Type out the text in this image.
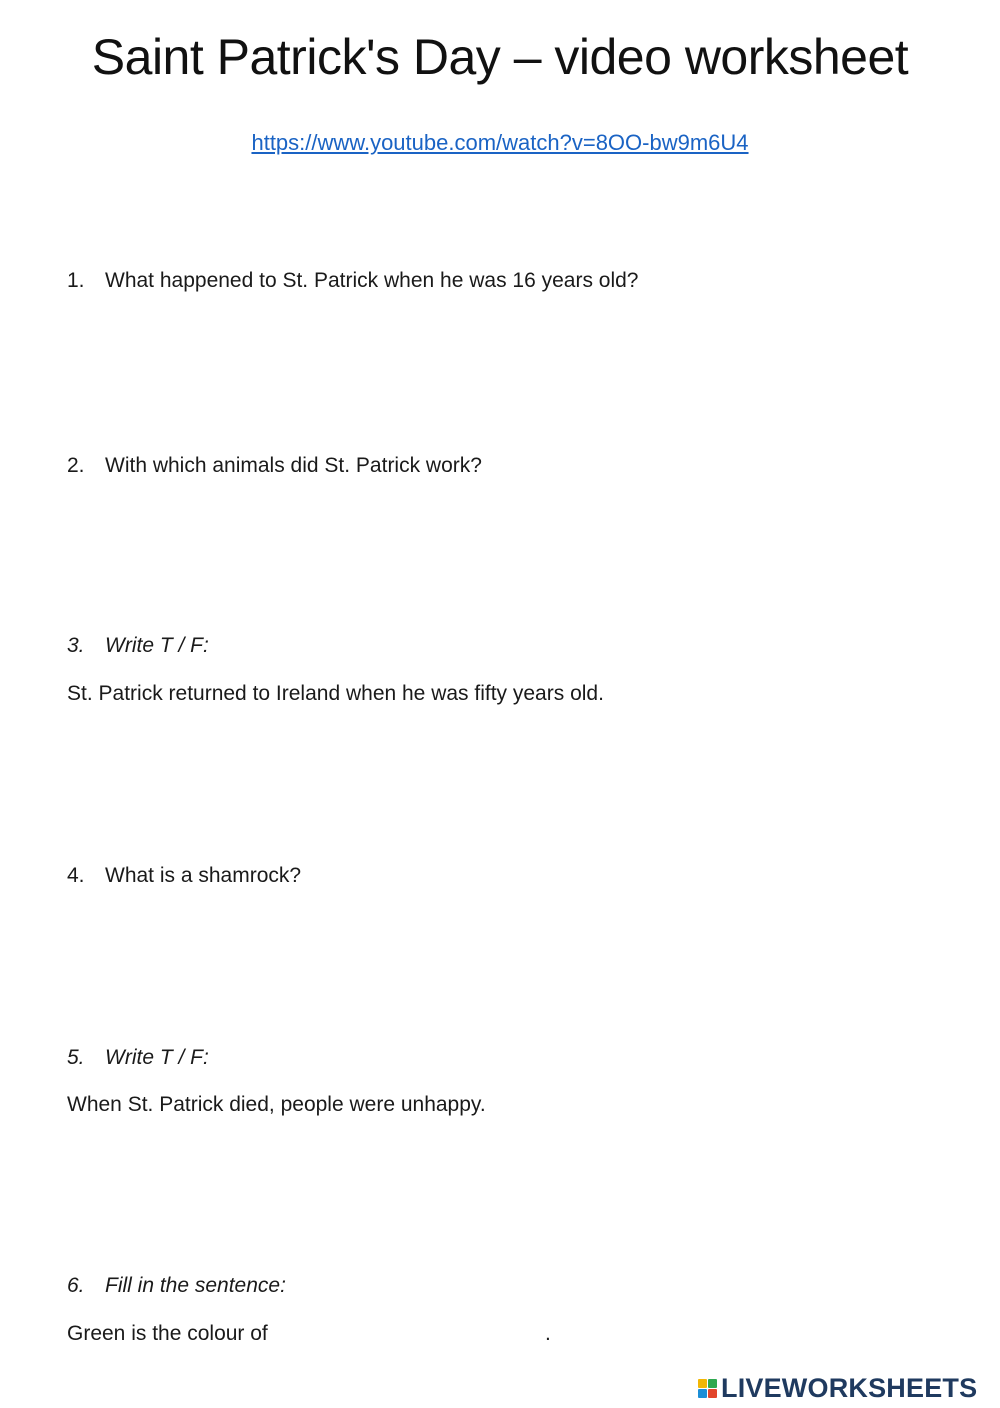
Saint Patrick's Day – video worksheet
https://www.youtube.com/watch?v=8OO-bw9m6U4
1. What happened to St. Patrick when he was 16 years old?
2. With which animals did St. Patrick work?
3. Write T / F:
St. Patrick returned to Ireland when he was fifty years old.
4. What is a shamrock?
5. Write T / F:
When St. Patrick died, people were unhappy.
6. Fill in the sentence:
Green is the colour of	.
LIVEWORKSHEETS
